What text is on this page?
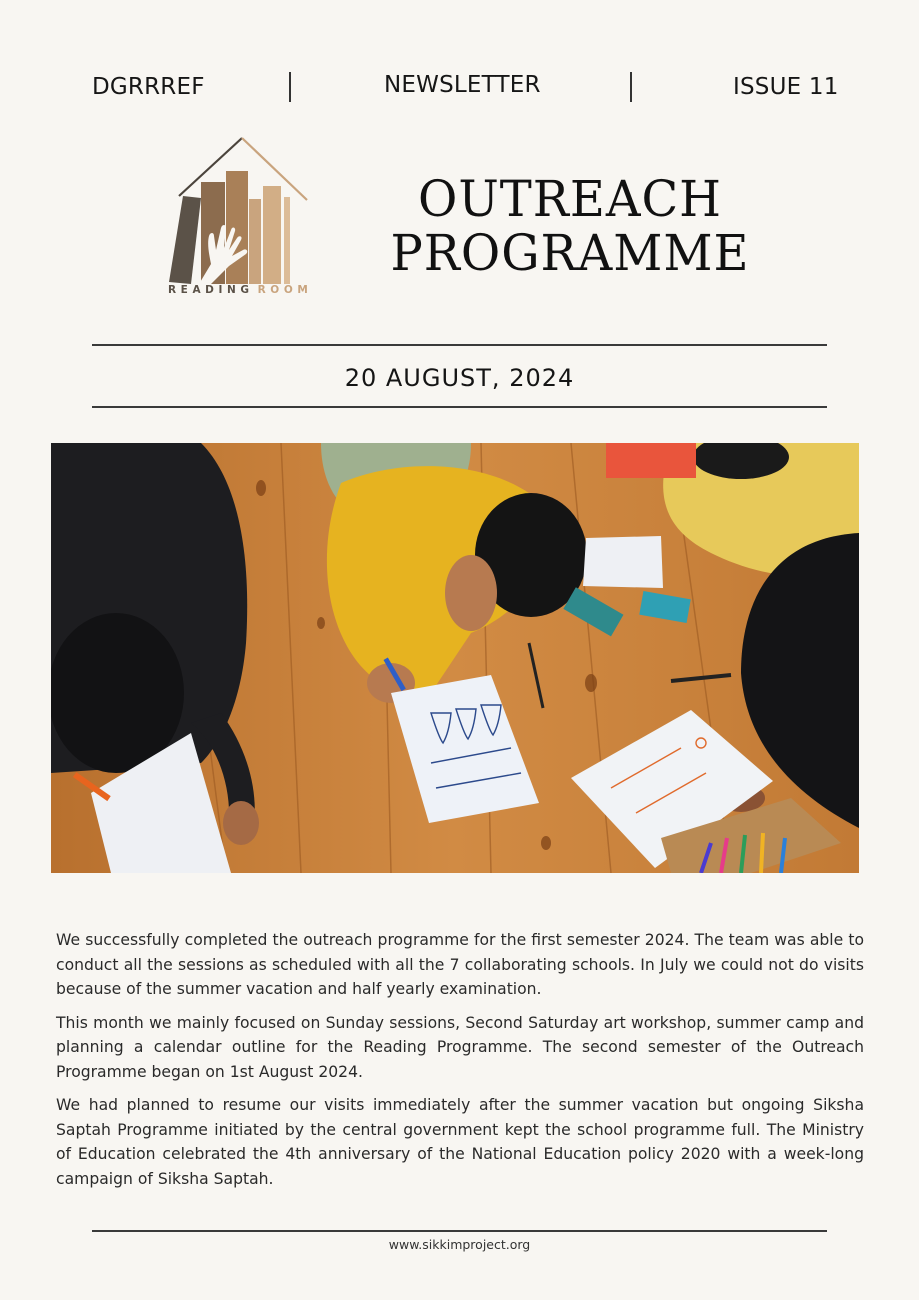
DGRRREF	NEWSLETTER	ISSUE 11
READING ROOM
OUTREACH
PROGRAMME
20 AUGUST, 2024

We successfully completed the outreach programme for the first semester 2024. The team was able to conduct all the sessions as scheduled with all the 7 collaborating schools. In July we could not do visits because of the summer vacation and half yearly examination.

This month we mainly focused on Sunday sessions, Second Saturday art workshop, summer camp and planning a calendar outline for the Reading Programme. The second semester of the Outreach Programme began on 1st August 2024.

We had planned to resume our visits immediately after the summer vacation but ongoing Siksha Saptah Programme initiated by the central government kept the school programme full. The Ministry of Education celebrated the 4th anniversary of the National Education policy 2020 with a week-long campaign of Siksha Saptah.

www.sikkimproject.org
